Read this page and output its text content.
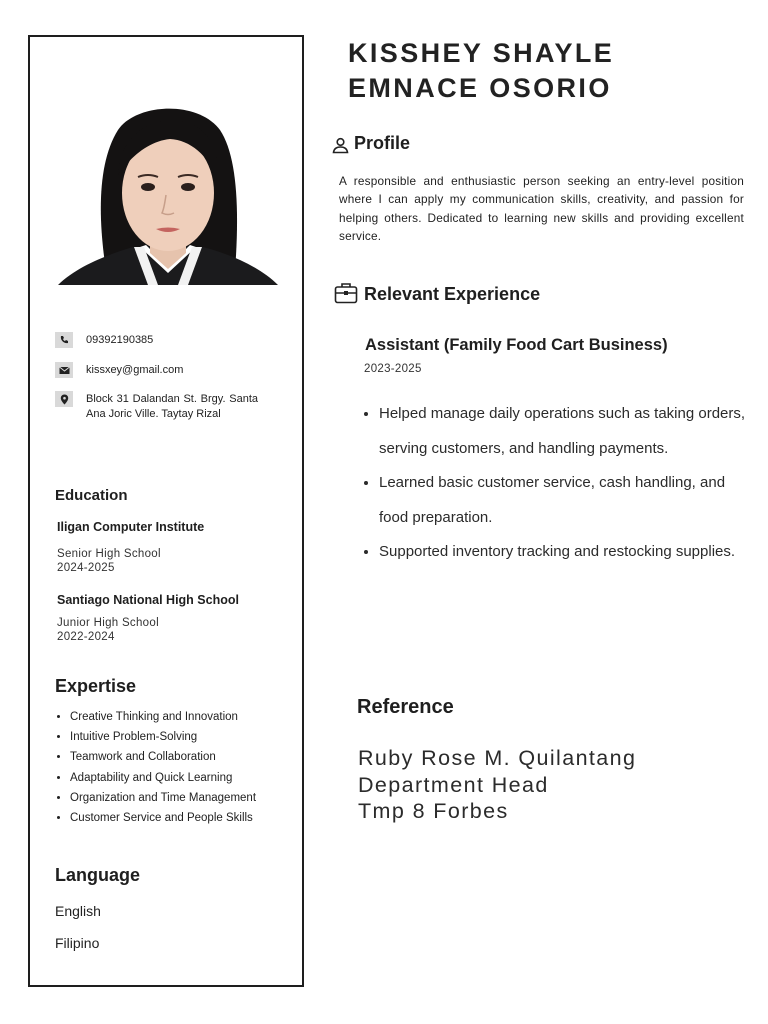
09392190385
kissxey@gmail.com
Block 31 Dalandan St. Brgy. Santa Ana Joric Ville. Taytay Rizal
Education
Iligan Computer Institute
Senior High School
2024-2025
Santiago National High School
Junior High School
2022-2024
Expertise
• Creative Thinking and Innovation
• Intuitive Problem-Solving
• Teamwork and Collaboration
• Adaptability and Quick Learning
• Organization and Time Management
• Customer Service and People Skills
Language
English
Filipino
KISSHEY SHAYLE
EMNACE OSORIO
Profile
A responsible and enthusiastic person seeking an entry-level position where I can apply my communication skills, creativity, and passion for helping others. Dedicated to learning new skills and providing excellent service.
Relevant Experience
Assistant (Family Food Cart Business)
2023-2025
• Helped manage daily operations such as taking orders, serving customers, and handling payments.
• Learned basic customer service, cash handling, and food preparation.
• Supported inventory tracking and restocking supplies.
Reference
Ruby Rose M. Quilantang
Department Head
Tmp 8 Forbes
